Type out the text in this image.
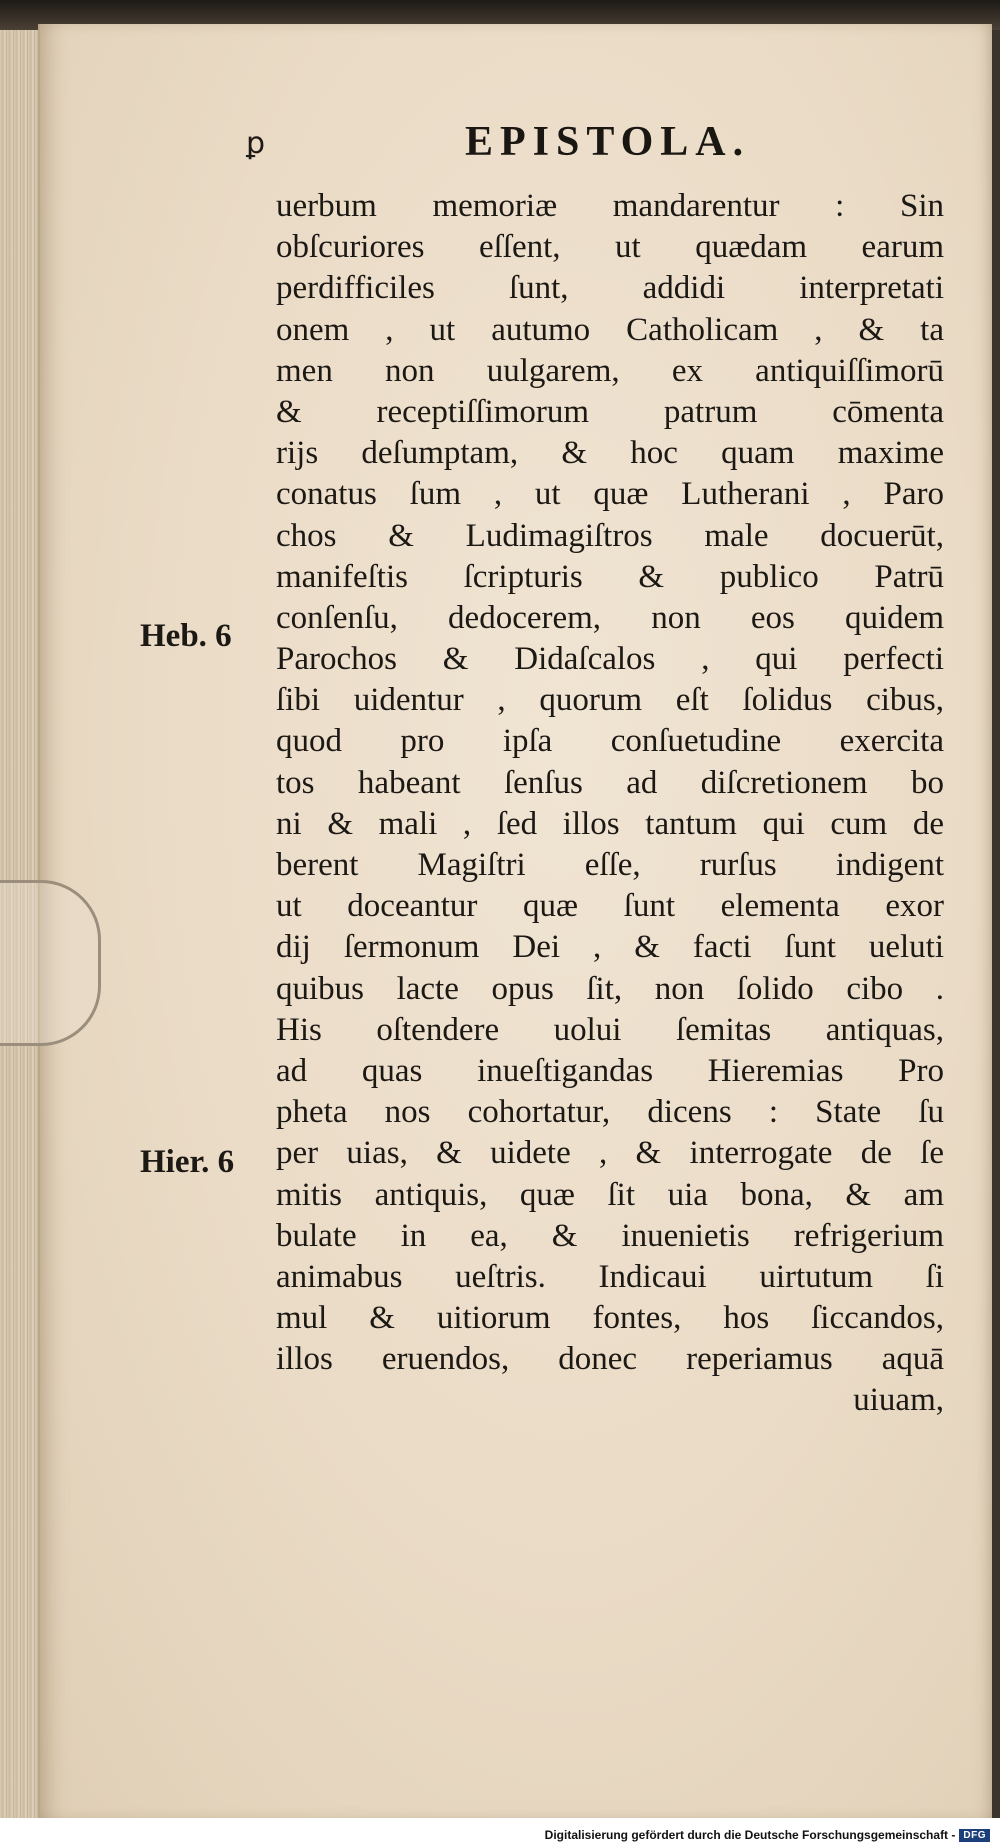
ꝑ	EPISTOLA.
Heb. 6
Hier. 6
uerbum memoriæ mandarentur : Sin
obſcuriores eſſent, ut quædam earum
perdifficiles ſunt, addidi interpretati
onem , ut autumo Catholicam , & ta
men non uulgarem, ex antiquiſſimorū
& receptiſſimorum patrum cōmenta
rijs deſumptam, & hoc quam maxime
conatus ſum , ut quæ Lutherani , Paro
chos & Ludimagiſtros male docuerūt,
manifeſtis ſcripturis & publico Patrū
conſenſu, dedocerem, non eos quidem
Parochos & Didaſcalos , qui perfecti
ſibi uidentur , quorum eſt ſolidus cibus,
quod pro ipſa conſuetudine exercita
tos habeant ſenſus ad diſcretionem bo
ni & mali , ſed illos tantum qui cum de
berent Magiſtri eſſe, rurſus indigent
ut doceantur quæ ſunt elementa exor
dij ſermonum Dei , & facti ſunt ueluti
quibus lacte opus ſit, non ſolido cibo .
His oſtendere uolui ſemitas antiquas,
ad quas inueſtigandas Hieremias Pro
pheta nos cohortatur, dicens : State ſu
per uias, & uidete , & interrogate de ſe
mitis antiquis, quæ ſit uia bona, & am
bulate in ea, & inuenietis refrigerium
animabus ueſtris. Indicaui uirtutum ſi
mul & uitiorum fontes, hos ſiccandos,
illos eruendos, donec reperiamus aquā
uiuam,
Digitalisierung gefördert durch die Deutsche Forschungsgemeinschaft - DFG
